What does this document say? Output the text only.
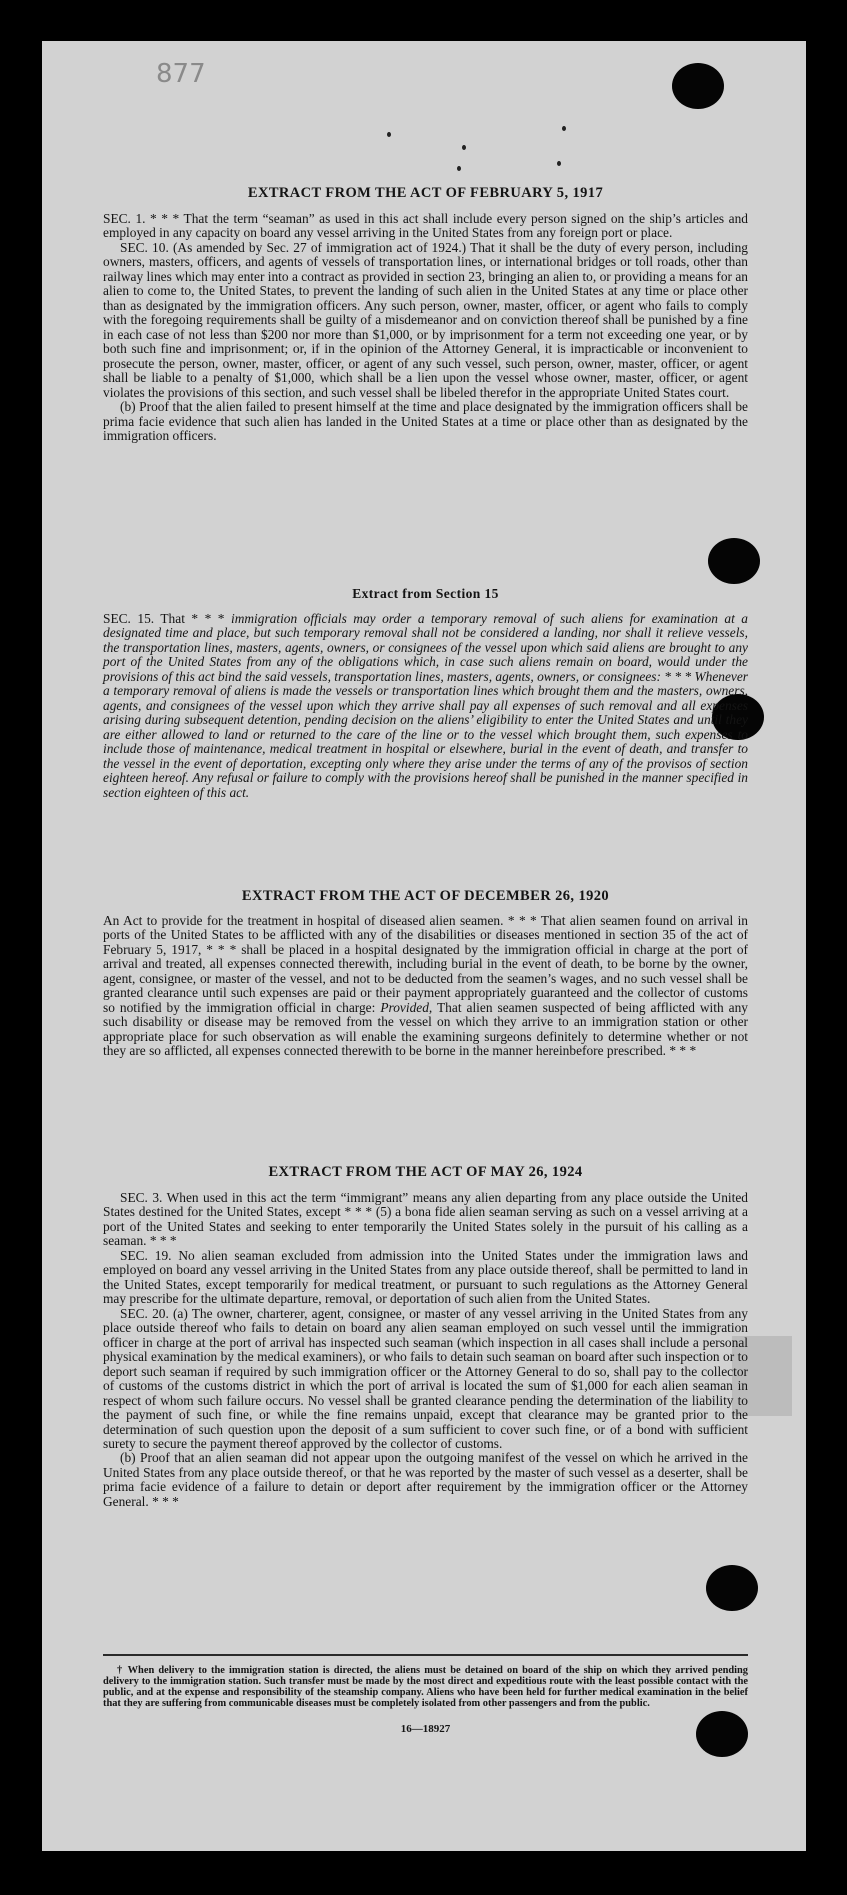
877

EXTRACT FROM THE ACT OF FEBRUARY 5, 1917

SEC. 1. * * * That the term “seaman” as used in this act shall include every person signed on the ship’s articles and employed in any capacity on board any vessel arriving in the United States from any foreign port or place.

SEC. 10. (As amended by Sec. 27 of immigration act of 1924.) That it shall be the duty of every person, including owners, masters, officers, and agents of vessels of transportation lines, or international bridges or toll roads, other than railway lines which may enter into a contract as provided in section 23, bringing an alien to, or providing a means for an alien to come to, the United States, to prevent the landing of such alien in the United States at any time or place other than as designated by the immigration officers. Any such person, owner, master, officer, or agent who fails to comply with the foregoing requirements shall be guilty of a misdemeanor and on conviction thereof shall be punished by a fine in each case of not less than $200 nor more than $1,000, or by imprisonment for a term not exceeding one year, or by both such fine and imprisonment; or, if in the opinion of the Attorney General, it is impracticable or inconvenient to prosecute the person, owner, master, officer, or agent of any such vessel, such person, owner, master, officer, or agent shall be liable to a penalty of $1,000, which shall be a lien upon the vessel whose owner, master, officer, or agent violates the provisions of this section, and such vessel shall be libeled therefor in the appropriate United States court.

(b) Proof that the alien failed to present himself at the time and place designated by the immigration officers shall be prima facie evidence that such alien has landed in the United States at a time or place other than as designated by the immigration officers.

Extract from Section 15

SEC. 15. That * * * immigration officials may order a temporary removal of such aliens for examination at a designated time and place, but such temporary removal shall not be considered a landing, nor shall it relieve vessels, the transportation lines, masters, agents, owners, or consignees of the vessel upon which said aliens are brought to any port of the United States from any of the obligations which, in case such aliens remain on board, would under the provisions of this act bind the said vessels, transportation lines, masters, agents, owners, or consignees: * * * Whenever a temporary removal of aliens is made the vessels or transportation lines which brought them and the masters, owners, agents, and consignees of the vessel upon which they arrive shall pay all expenses of such removal and all expenses arising during subsequent detention, pending decision on the aliens’ eligibility to enter the United States and until they are either allowed to land or returned to the care of the line or to the vessel which brought them, such expenses to include those of maintenance, medical treatment in hospital or elsewhere, burial in the event of death, and transfer to the vessel in the event of deportation, excepting only where they arise under the terms of any of the provisos of section eighteen hereof. Any refusal or failure to comply with the provisions hereof shall be punished in the manner specified in section eighteen of this act.

EXTRACT FROM THE ACT OF DECEMBER 26, 1920

An Act to provide for the treatment in hospital of diseased alien seamen. * * * That alien seamen found on arrival in ports of the United States to be afflicted with any of the disabilities or diseases mentioned in section 35 of the act of February 5, 1917, * * * shall be placed in a hospital designated by the immigration official in charge at the port of arrival and treated, all expenses connected therewith, including burial in the event of death, to be borne by the owner, agent, consignee, or master of the vessel, and not to be deducted from the seamen’s wages, and no such vessel shall be granted clearance until such expenses are paid or their payment appropriately guaranteed and the collector of customs so notified by the immigration official in charge: Provided, That alien seamen suspected of being afflicted with any such disability or disease may be removed from the vessel on which they arrive to an immigration station or other appropriate place for such observation as will enable the examining surgeons definitely to determine whether or not they are so afflicted, all expenses connected therewith to be borne in the manner hereinbefore prescribed. * * *

EXTRACT FROM THE ACT OF MAY 26, 1924

SEC. 3. When used in this act the term “immigrant” means any alien departing from any place outside the United States destined for the United States, except * * * (5) a bona fide alien seaman serving as such on a vessel arriving at a port of the United States and seeking to enter temporarily the United States solely in the pursuit of his calling as a seaman. * * *

SEC. 19. No alien seaman excluded from admission into the United States under the immigration laws and employed on board any vessel arriving in the United States from any place outside thereof, shall be permitted to land in the United States, except temporarily for medical treatment, or pursuant to such regulations as the Attorney General may prescribe for the ultimate departure, removal, or deportation of such alien from the United States.

SEC. 20. (a) The owner, charterer, agent, consignee, or master of any vessel arriving in the United States from any place outside thereof who fails to detain on board any alien seaman employed on such vessel until the immigration officer in charge at the port of arrival has inspected such seaman (which inspection in all cases shall include a personal physical examination by the medical examiners), or who fails to detain such seaman on board after such inspection or to deport such seaman if required by such immigration officer or the Attorney General to do so, shall pay to the collector of customs of the customs district in which the port of arrival is located the sum of $1,000 for each alien seaman in respect of whom such failure occurs. No vessel shall be granted clearance pending the determination of the liability to the payment of such fine, or while the fine remains unpaid, except that clearance may be granted prior to the determination of such question upon the deposit of a sum sufficient to cover such fine, or of a bond with sufficient surety to secure the payment thereof approved by the collector of customs.

(b) Proof that an alien seaman did not appear upon the outgoing manifest of the vessel on which he arrived in the United States from any place outside thereof, or that he was reported by the master of such vessel as a deserter, shall be prima facie evidence of a failure to detain or deport after requirement by the immigration officer or the Attorney General. * * *

† When delivery to the immigration station is directed, the aliens must be detained on board of the ship on which they arrived pending delivery to the immigration station. Such transfer must be made by the most direct and expeditious route with the least possible contact with the public, and at the expense and responsibility of the steamship company. Aliens who have been held for further medical examination in the belief that they are suffering from communicable diseases must be completely isolated from other passengers and from the public.

16—18927
